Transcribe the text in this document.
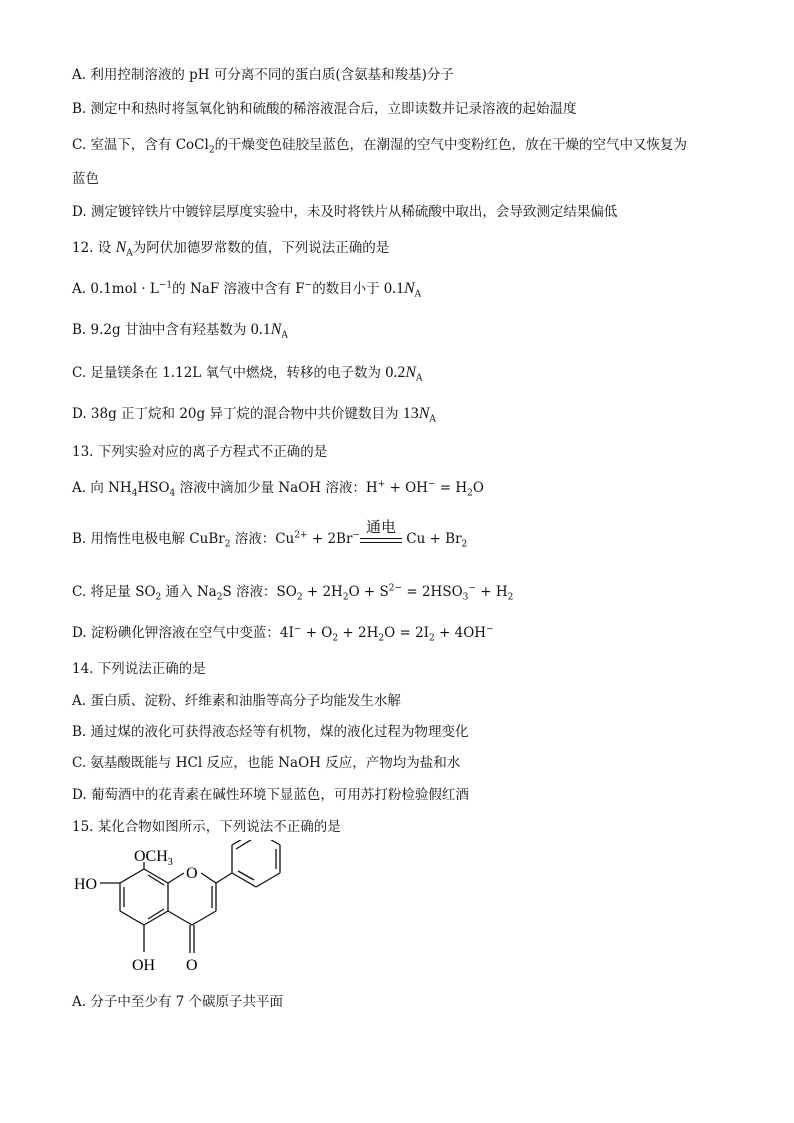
A. 利用控制溶液的 pH 可分离不同的蛋白质(含氨基和羧基)分子
B. 测定中和热时将氢氧化钠和硫酸的稀溶液混合后，立即读数并记录溶液的起始温度
C. 室温下，含有 CoCl$_2$的干燥变色硅胶呈蓝色，在潮湿的空气中变粉红色，放在干燥的空气中又恢复为
蓝色
D. 测定镀锌铁片中镀锌层厚度实验中，未及时将铁片从稀硫酸中取出，会导致测定结果偏低
12. 设 $N_A$为阿伏加德罗常数的值，下列说法正确的是
A. $0.1mol \cdot L^{-1}$的 NaF 溶液中含有 F−的数目小于 $0.1N_A$
B. 9.2g 甘油中含有羟基数为 $0.1N_A$
C. 足量镁条在 1.12L 氧气中燃烧，转移的电子数为 $0.2N_A$
D. 38g 正丁烷和 20g 异丁烷的混合物中共价键数目为 $13N_A$
13. 下列实验对应的离子方程式不正确的是
A. 向 $NH_4HSO_4$ 溶液中滴加少量 NaOH 溶液：$H^+ + OH^- = H_2O$
B. 用惰性电极电解 CuBr$_2$ 溶液：$Cu^{2+} + 2Br^-$ 通电
$Cu + Br_2$
C. 将足量 $SO_2$ 通入 $Na_2S$ 溶液：$SO_2 + 2H_2O + S^{2-} = 2HSO_3^- + H_2$
D. 淀粉碘化钾溶液在空气中变蓝：$4I^- + O_2 + 2H_2O = 2I_2 + 4OH^-$
14. 下列说法正确的是
A. 蛋白质、淀粉、纤维素和油脂等高分子均能发生水解
B. 通过煤的液化可获得液态烃等有机物，煤的液化过程为物理变化
C. 氨基酸既能与 HCl 反应，也能 NaOH 反应，产物均为盐和水
D. 葡萄酒中的花青素在碱性环境下显蓝色，可用苏打粉检验假红酒
15. 某化合物如图所示，下列说法不正确的是
$OCH_3$
HO
O
O
OH
A. 分子中至少有 7 个碳原子共平面
